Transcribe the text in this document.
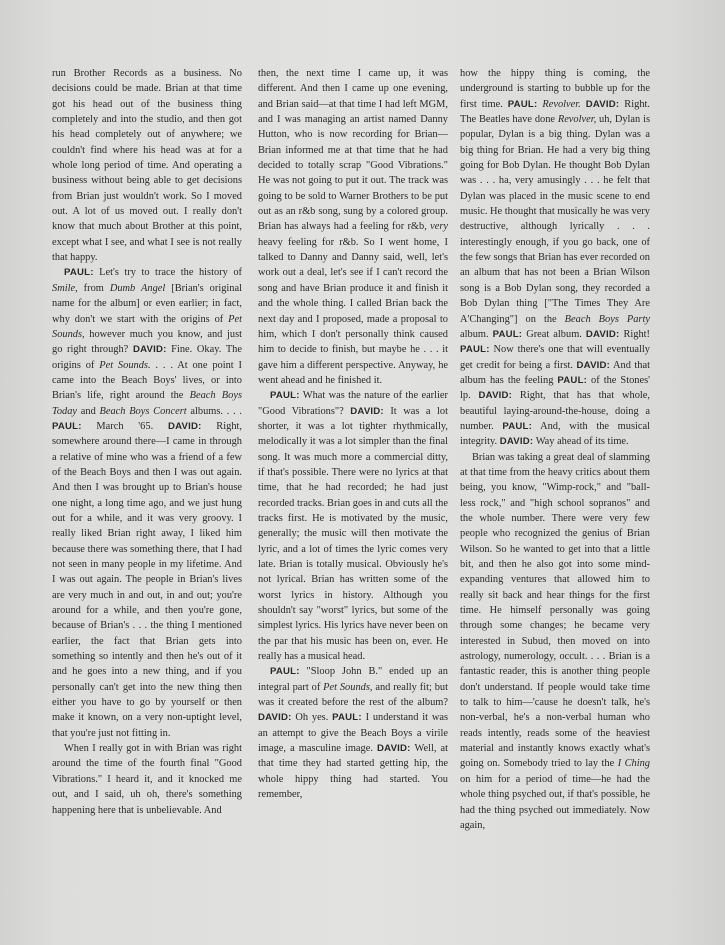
run Brother Records as a business. No decisions could be made. Brian at that time got his head out of the business thing completely and into the studio, and then got his head completely out of anywhere; we couldn't find where his head was at for a whole long period of time. And operating a business without being able to get decisions from Brian just wouldn't work. So I moved out. A lot of us moved out. I really don't know that much about Brother at this point, except what I see, and what I see is not really that happy.

PAUL: Let's try to trace the history of Smile, from Dumb Angel [Brian's original name for the album] or even earlier; in fact, why don't we start with the origins of Pet Sounds, however much you know, and just go right through? DAVID: Fine. Okay. The origins of Pet Sounds. . . . At one point I came into the Beach Boys' lives, or into Brian's life, right around the Beach Boys Today and Beach Boys Concert albums. . . . PAUL: March '65. DAVID: Right, somewhere around there—I came in through a relative of mine who was a friend of a few of the Beach Boys and then I was out again. And then I was brought up to Brian's house one night, a long time ago, and we just hung out for a while, and it was very groovy. I really liked Brian right away, I liked him because there was something there, that I had not seen in many people in my lifetime. And I was out again. The people in Brian's lives are very much in and out, in and out; you're around for a while, and then you're gone, because of Brian's . . . the thing I mentioned earlier, the fact that Brian gets into something so intently and then he's out of it and he goes into a new thing, and if you personally can't get into the new thing then either you have to go by yourself or then make it known, on a very non-uptight level, that you're just not fitting in.

When I really got in with Brian was right around the time of the fourth final "Good Vibrations." I heard it, and it knocked me out, and I said, uh oh, there's something happening here that is unbelievable. And

then, the next time I came up, it was different. And then I came up one evening, and Brian said—at that time I had left MGM, and I was managing an artist named Danny Hutton, who is now recording for Brian—Brian informed me at that time that he had decided to totally scrap "Good Vibrations." He was not going to put it out. The track was going to be sold to Warner Brothers to be put out as an r&b song, sung by a colored group. Brian has always had a feeling for r&b, very heavy feeling for r&b. So I went home, I talked to Danny and Danny said, well, let's work out a deal, let's see if I can't record the song and have Brian produce it and finish it and the whole thing. I called Brian back the next day and I proposed, made a proposal to him, which I don't personally think caused him to decide to finish, but maybe he . . . it gave him a different perspective. Anyway, he went ahead and he finished it.

PAUL: What was the nature of the earlier "Good Vibrations"? DAVID: It was a lot shorter, it was a lot tighter rhythmically, melodically it was a lot simpler than the final song. It was much more a commercial ditty, if that's possible. There were no lyrics at that time, that he had recorded; he had just recorded tracks. Brian goes in and cuts all the tracks first. He is motivated by the music, generally; the music will then motivate the lyric, and a lot of times the lyric comes very late. Brian is totally musical. Obviously he's not lyrical. Brian has written some of the worst lyrics in history. Although you shouldn't say "worst" lyrics, but some of the simplest lyrics. His lyrics have never been on the par that his music has been on, ever. He really has a musical head.

PAUL: "Sloop John B." ended up an integral part of Pet Sounds, and really fit; but was it created before the rest of the album? DAVID: Oh yes. PAUL: I understand it was an attempt to give the Beach Boys a virile image, a masculine image. DAVID: Well, at that time they had started getting hip, the whole hippy thing had started. You remember,

how the hippy thing is coming, the underground is starting to bubble up for the first time. PAUL: Revolver. DAVID: Right. The Beatles have done Revolver, uh, Dylan is popular, Dylan is a big thing. Dylan was a big thing for Brian. He had a very big thing going for Bob Dylan. He thought Bob Dylan was . . . ha, very amusingly . . . he felt that Dylan was placed in the music scene to end music. He thought that musically he was very destructive, although lyrically . . . interestingly enough, if you go back, one of the few songs that Brian has ever recorded on an album that has not been a Brian Wilson song is a Bob Dylan song, they recorded a Bob Dylan thing ["The Times They Are A'Changing"] on the Beach Boys Party album. PAUL: Great album. DAVID: Right! PAUL: Now there's one that will eventually get credit for being a first. DAVID: And that album has the feeling PAUL: of the Stones' lp. DAVID: Right, that has that whole, beautiful laying-around-the-house, doing a number. PAUL: And, with the musical integrity. DAVID: Way ahead of its time.

Brian was taking a great deal of slamming at that time from the heavy critics about them being, you know, "Wimp-rock," and "ball-less rock," and "high school sopranos" and the whole number. There were very few people who recognized the genius of Brian Wilson. So he wanted to get into that a little bit, and then he also got into some mind-expanding ventures that allowed him to really sit back and hear things for the first time. He himself personally was going through some changes; he became very interested in Subud, then moved on into astrology, numerology, occult. . . . Brian is a fantastic reader, this is another thing people don't understand. If people would take time to talk to him—'cause he doesn't talk, he's non-verbal, he's a non-verbal human who reads intently, reads some of the heaviest material and instantly knows exactly what's going on. Somebody tried to lay the I Ching on him for a period of time—he had the whole thing psyched out, if that's possible, he had the thing psyched out immediately. Now again,
